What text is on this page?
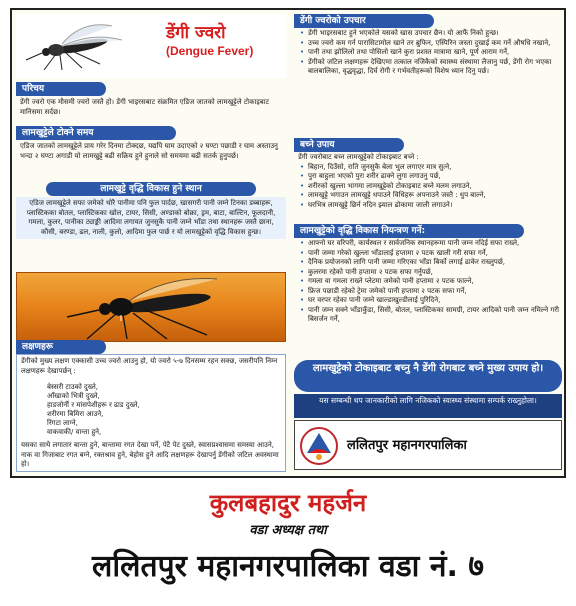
डेंगी ज्वरो
(Dengue Fever)
परिचय
डेंगी ज्वरो एक मौसमी ज्वरो जस्तै हो। डेंगी भाइरसबाट संक्रमित एडिज जातको लामखुट्टेले टोकाइबाट मानिसमा सर्दछ।
लामखुट्टेले टोक्ने समय
एडिज जातको लामखुट्टेले प्राय गरेर दिनमा टोक्दछ, यद्यपि घाम उदाएको २ घण्टा पछाडी र घाम अस्ताउनु भन्दा २ घण्टा अगाडी यो लामखुट्टे बढी सक्रिय हुने हुनाले सो समयमा बढी सतर्क हुनुपर्छ।
लामखुट्टे वृद्धि विकास हुने स्थान
एडिज लामखुट्टेले सफा जमेको थोरै पानीमा पनि फुल पार्दछ, खासगरी पानी जम्ने टिनका डब्बाहरू, प्लास्टिकका बोतल, प्लास्टिकका खोल, टायर, सिसी, अण्डाको बोक्रा, ड्रम, बाटा, बाल्टिन, फूलदानी, गमला, कुलर, पानीका ट्याङ्की आदिमा लगायत जुनसुकै पानी जम्ने भाँडा तथा स्थानहरू जस्तै छाना, कौसी, बरण्डा, ढल, नाली, कुलो, आदिमा फुल पार्छ र यो लामखुट्टेको वृद्धि विकास हुन्छ।
लक्षणहरू
डेंगीको मुख्य लक्षण एक्कासी उच्च ज्वरो आउनु हो, यो ज्वरो ५-७ दिनसम्म रहन सक्छ, जसरीपनि निम्न लक्षणहरू देखापर्छन् :
बेस्सरी टाउको दुख्ने,
आँखाको भित्री दुख्ने,
हाडजोर्नी र मांसपेशीहरू र ढाड दुख्ने,
शरीरमा बिमिरा आउने,
रिंगटा लाग्ने,
वाकवाकी/ वान्ता हुने,
यसका साथै लगातार बान्ता हुने, बान्तामा रगत देखा पर्ने, पेटै पेट दुख्ने, स्वासप्रश्वासमा समस्या आउने, नाक वा गिजाबाट रगत बग्ने, रक्तश्राव हुने, बेहोस हुने आदि लक्षणहरू देखापर्नु डेंगीको जटिल अवस्थामा हो।
डेंगी ज्वरोको उपचार
• डेंगी भाइरसबाट हुने भएकोले यसको खास उपचार छैन। यो आफैं निको हुन्छ।
• उच्च ज्वरो कम गर्न पारासिटामोल खाने तर ब्रुफिन, एस्पिरिन जस्ता दुखाई कम गर्ने औषधि नखाने,
• पानी तथा झोलिलो तथा पोसिलो खाने कुरा प्रशस्त मात्रामा खाने, पूर्ण आराम गर्ने,
• डेंगीको जटिल लक्षणहरू देखिएमा तत्काल नजिकैको स्वास्थ्य संस्थामा लैजानु पर्छ, डेंगी रोग भएका बालबालिका, वृद्धवृद्धा, दिर्घ रोगी र गर्भवतीहरूको विशेष ध्यान दिनु पर्छ।
बच्ने उपाय
डेंगी ज्वरोबाट बच्न लामखुट्टेको टोकाइबाट बच्ने :
• बिहान, दिउँसो, राति जुनसुकै बेला भुल लगाएर मात्र सुत्ने,
• पुरा बाहुला भएको पुरा शरीर ढाक्ने लुगा लगाउनु पर्छ,
• शरीरको खुल्ला भागमा लामखुट्टेको टोकाइबाट बच्ने मलम लगाउने,
• लामखुट्टे भगाउन लामखुट्टे धपाउने विधिहरू अपनाउने जस्तै : धुप बाल्ने,
• घरभित्र लामखुट्टे छिर्न नदिन झ्याल ढोकामा जाली लगाउने।
लामखुट्टेको वृद्धि विकास नियन्त्रण गर्ने:
• आफ्नो घर वरिपरी, कार्यस्थल र सार्वजनिक स्थानहरूमा पानी जम्न नदिई सफा राख्ने,
• पानी जम्मा गरेको खुल्ला भाँडालाई हप्तामा २ पटक खाली गरी सफा गर्ने,
• दैनिक प्रयोजनको लागि पानी जम्मा गरिएका भाँडा बिर्को लगाई ढाकेर राख्नुपर्छ,
• कुलरमा रहेको पानी हप्तामा २ पटक सफा गर्नुपर्छ,
• गमला वा गमला राख्ने प्लेटमा जमेको पानी हप्तामा २ पटक फाल्ने,
• फ्रिज पछाडी रहेको ट्रेमा जमेको पानी हप्तामा २ पटक सफा गर्ने,
• घर वरपर रहेका पानी जम्ने खाल्डाखुल्डीलाई पुरिदिने,
• पानी जम्न सक्ने भाँडाकुँडा, सिसी, बोतल, प्लास्टिकका सामग्री, टायर आदिको पानी जम्न नमिल्ने गरी बिसर्जन गर्ने,
लामखुट्टेको टोकाइबाट बच्नु नै डेंगी रोगबाट बच्ने मुख्य उपाय हो।
यस सम्बन्धी थप जानकारीको लागि नजिकको स्वास्थ्य संस्थामा सम्पर्क राख्नुहोला।
ललितपुर महानगरपालिका
कुलबहादुर महर्जन
वडा अध्यक्ष तथा
ललितपुर महानगरपालिका वडा नं. ७
